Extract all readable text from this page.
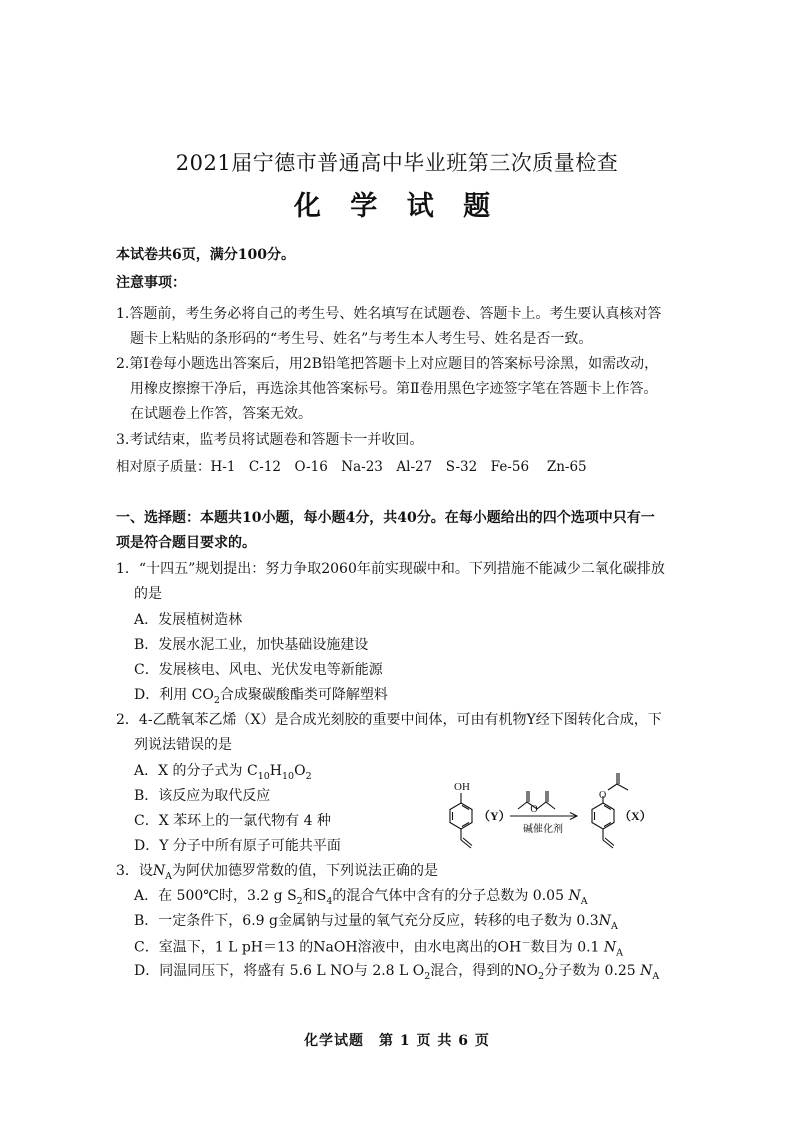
2021届宁德市普通高中毕业班第三次质量检查
化 学 试 题
本试卷共6页，满分100分。
注意事项：
1.答题前，考生务必将自己的考生号、姓名填写在试题卷、答题卡上。考生要认真核对答
题卡上粘贴的条形码的“考生号、姓名”与考生本人考生号、姓名是否一致。
2.第Ⅰ卷每小题选出答案后，用2B铅笔把答题卡上对应题目的答案标号涂黑，如需改动，
用橡皮擦擦干净后，再选涂其他答案标号。第Ⅱ卷用黑色字迹签字笔在答题卡上作答。
在试题卷上作答，答案无效。
3.考试结束，监考员将试题卷和答题卡一并收回。
相对原子质量：H-1　C-12　O-16　Na-23　Al-27　S-32　Fe-56　 Zn-65
一、选择题：本题共10小题，每小题4分，共40分。在每小题给出的四个选项中只有一
项是符合题目要求的。
1．“十四五”规划提出：努力争取2060年前实现碳中和。下列措施不能减少二氧化碳排放
的是
A．发展植树造林
B．发展水泥工业，加快基础设施建设
C．发展核电、风电、光伏发电等新能源
D．利用 $CO_2$合成聚碳酸酯类可降解塑料
2．4-乙酰氧苯乙烯（X）是合成光刻胶的重要中间体，可由有机物Y经下图转化合成，下
列说法错误的是
A．X 的分子式为 $C_{10}H_{10}O_2$
B．该反应为取代反应
C．X 苯环上的一氯代物有 4 种
D．Y 分子中所有原子可能共平面
OH
O
O
（Y）	（X）
碱催化剂
3．设$N_A$为阿伏加德罗常数的值，下列说法正确的是
A．在 500℃时，3.2 g $S_2$和$S_4$的混合气体中含有的分子总数为 0.05 $N_A$
B．一定条件下，6.9 g金属钠与过量的氧气充分反应，转移的电子数为 $0.3N_A$
C．室温下，1 L pH＝13 的NaOH溶液中，由水电离出的OH－数目为 0.1 $N_A$
D．同温同压下，将盛有 5.6 L NO与 2.8 L $O_2$混合，得到的$NO_2$分子数为 0.25 $N_A$
化学试题　第 1 页 共 6 页
